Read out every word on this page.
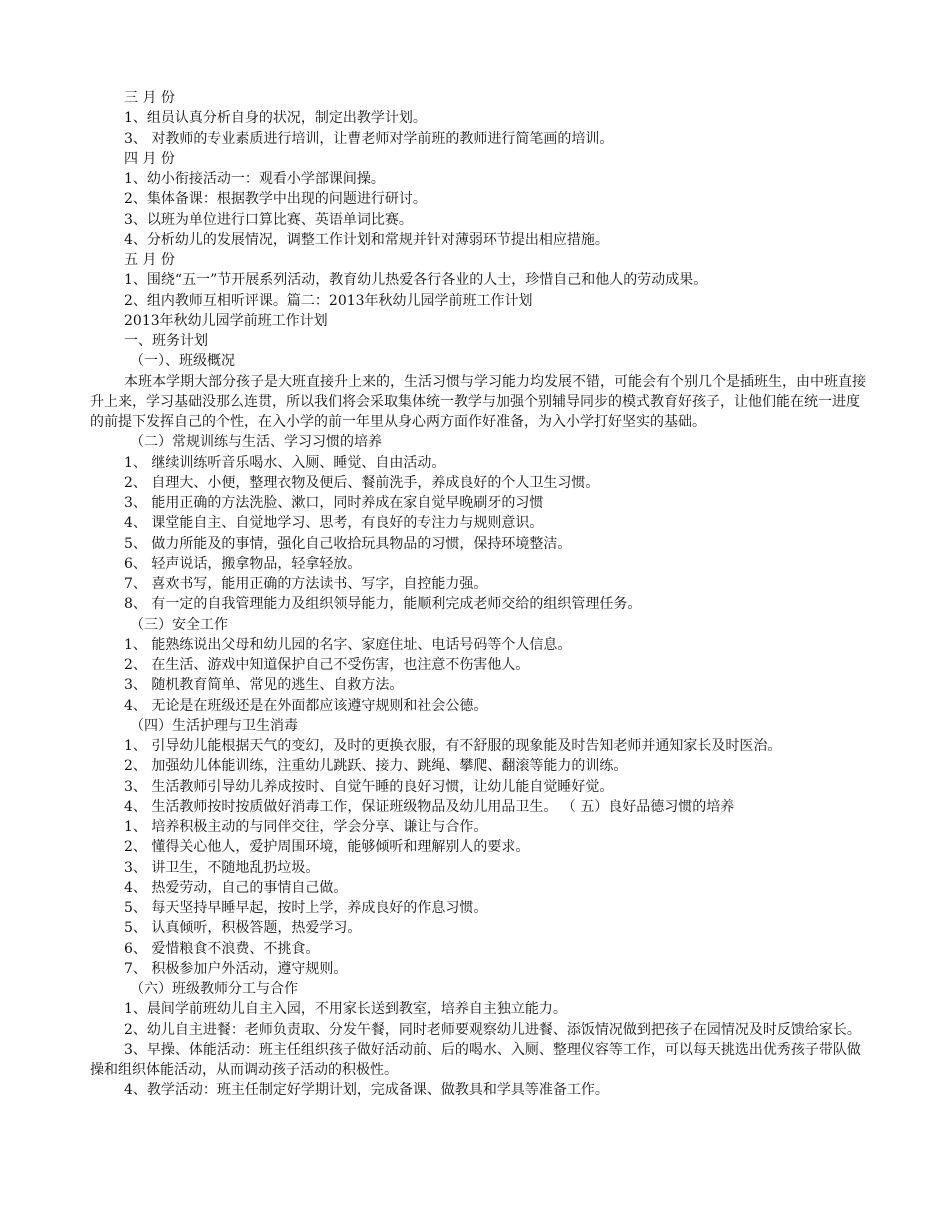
三 月 份
1、组员认真分析自身的状况，制定出教学计划。
3、 对教师的专业素质进行培训，让曹老师对学前班的教师进行简笔画的培训。
四 月 份
1、幼小衔接活动一：观看小学部课间操。
2、集体备课：根据教学中出现的问题进行研讨。
3、以班为单位进行口算比赛、英语单词比赛。
4、分析幼儿的发展情况，调整工作计划和常规并针对薄弱环节提出相应措施。
五 月 份
1、围绕“五一”节开展系列活动，教育幼儿热爱各行各业的人士，珍惜自己和他人的劳动成果。
2、组内教师互相听评课。篇二：2013年秋幼儿园学前班工作计划
2013年秋幼儿园学前班工作计划
一、班务计划
（一）、班级概况
本班本学期大部分孩子是大班直接升上来的，生活习惯与学习能力均发展不错，可能会有个别几个是插班生，由中班直接升上来，学习基础没那么连贯，所以我们将会采取集体统一教学与加强个别辅导同步的模式教育好孩子，让他们能在统一进度的前提下发挥自己的个性，在入小学的前一年里从身心两方面作好准备，为入小学打好坚实的基础。
（二）常规训练与生活、学习习惯的培养
1、 继续训练听音乐喝水、入厕、睡觉、自由活动。
2、 自理大、小便，整理衣物及便后、餐前洗手，养成良好的个人卫生习惯。
3、 能用正确的方法洗脸、漱口，同时养成在家自觉早晚刷牙的习惯
4、 课堂能自主、自觉地学习、思考，有良好的专注力与规则意识。
5、 做力所能及的事情，强化自己收拾玩具物品的习惯，保持环境整洁。
6、 轻声说话，搬拿物品，轻拿轻放。
7、 喜欢书写，能用正确的方法读书、写字，自控能力强。
8、 有一定的自我管理能力及组织领导能力，能顺利完成老师交给的组织管理任务。
（三）安全工作
1、 能熟练说出父母和幼儿园的名字、家庭住址、电话号码等个人信息。
2、 在生活、游戏中知道保护自己不受伤害，也注意不伤害他人。
3、 随机教育简单、常见的逃生、自救方法。
4、 无论是在班级还是在外面都应该遵守规则和社会公德。
（四）生活护理与卫生消毒
1、 引导幼儿能根据天气的变幻，及时的更换衣服，有不舒服的现象能及时告知老师并通知家长及时医治。
2、 加强幼儿体能训练，注重幼儿跳跃、接力、跳绳、攀爬、翻滚等能力的训练。
3、 生活教师引导幼儿养成按时、自觉午睡的良好习惯，让幼儿能自觉睡好觉。
4、 生活教师按时按质做好消毒工作，保证班级物品及幼儿用品卫生。 （ 五）良好品德习惯的培养
1、 培养积极主动的与同伴交往，学会分享、谦让与合作。
2、 懂得关心他人，爱护周围环境，能够倾听和理解别人的要求。
3、 讲卫生，不随地乱扔垃圾。
4、 热爱劳动，自己的事情自己做。
5、 每天坚持早睡早起，按时上学，养成良好的作息习惯。
5、 认真倾听，积极答题，热爱学习。
6、 爱惜粮食不浪费、不挑食。
7、 积极参加户外活动，遵守规则。
（六）班级教师分工与合作
1、晨间学前班幼儿自主入园，不用家长送到教室，培养自主独立能力。
2、幼儿自主进餐：老师负责取、分发午餐，同时老师要观察幼儿进餐、添饭情况做到把孩子在园情况及时反馈给家长。
3、早操、体能活动：班主任组织孩子做好活动前、后的喝水、入厕、整理仪容等工作，可以每天挑选出优秀孩子带队做操和组织体能活动，从而调动孩子活动的积极性。
4、教学活动：班主任制定好学期计划，完成备课、做教具和学具等准备工作。
